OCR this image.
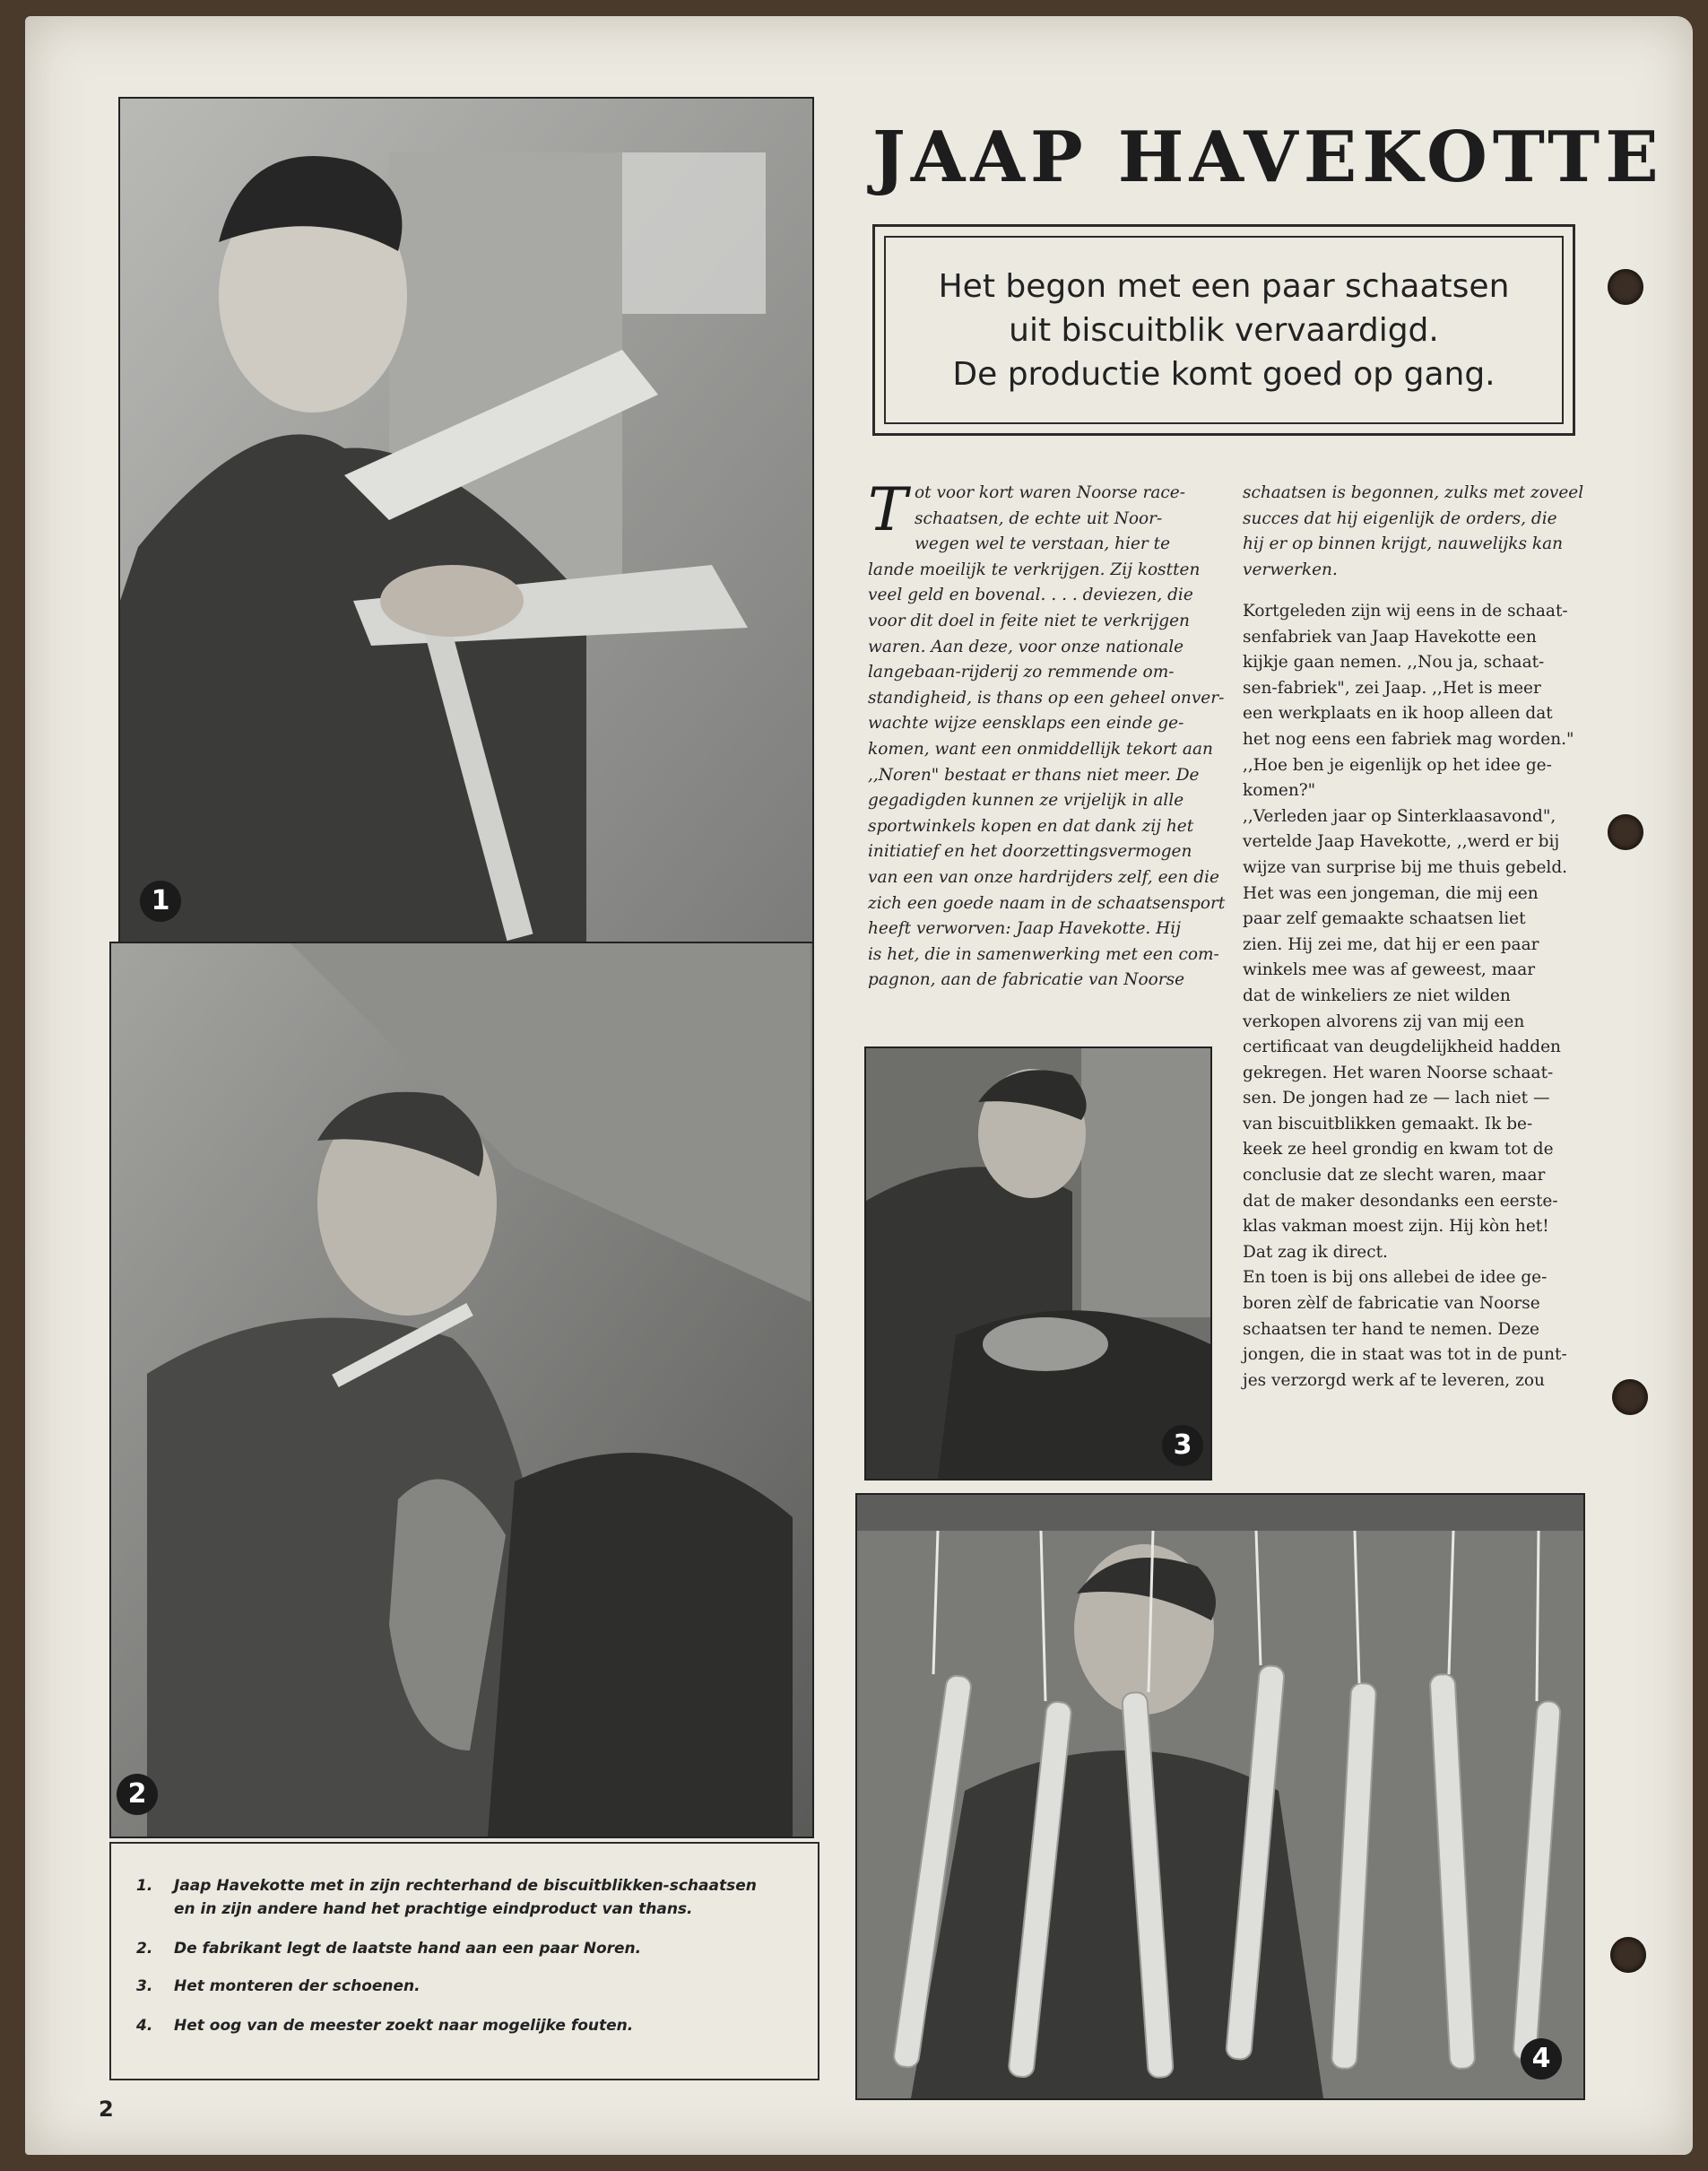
1
2
JAAP HAVEKOTTE
Het begon met een paar schaatsen
uit biscuitblik vervaardigd.
De productie komt goed op gang.
T ot voor kort waren Noorse race-
schaatsen, de echte uit Noor-
wegen wel te verstaan, hier te
lande moeilijk te verkrijgen. Zij kostten
veel geld en bovenal. . . . deviezen, die
voor dit doel in feite niet te verkrijgen
waren. Aan deze, voor onze nationale
langebaan-rijderij zo remmende om-
standigheid, is thans op een geheel onver-
wachte wijze eensklaps een einde ge-
komen, want een onmiddellijk tekort aan
,,Noren" bestaat er thans niet meer. De
gegadigden kunnen ze vrijelijk in alle
sportwinkels kopen en dat dank zij het
initiatief en het doorzettingsvermogen
van een van onze hardrijders zelf, een die
zich een goede naam in de schaatsensport
heeft verworven: Jaap Havekotte. Hij
is het, die in samenwerking met een com-
pagnon, aan de fabricatie van Noorse
schaatsen is begonnen, zulks met zoveel
succes dat hij eigenlijk de orders, die
hij er op binnen krijgt, nauwelijks kan
verwerken.
Kortgeleden zijn wij eens in de schaat-
senfabriek van Jaap Havekotte een
kijkje gaan nemen. ,,Nou ja, schaat-
sen-fabriek", zei Jaap. ,,Het is meer
een werkplaats en ik hoop alleen dat
het nog eens een fabriek mag worden."
,,Hoe ben je eigenlijk op het idee ge-
komen?"
,,Verleden jaar op Sinterklaasavond",
vertelde Jaap Havekotte, ,,werd er bij
wijze van surprise bij me thuis gebeld.
Het was een jongeman, die mij een
paar zelf gemaakte schaatsen liet
zien. Hij zei me, dat hij er een paar
winkels mee was af geweest, maar
dat de winkeliers ze niet wilden
verkopen alvorens zij van mij een
certificaat van deugdelijkheid hadden
gekregen. Het waren Noorse schaat-
sen. De jongen had ze — lach niet —
van biscuitblikken gemaakt. Ik be-
keek ze heel grondig en kwam tot de
conclusie dat ze slecht waren, maar
dat de maker desondanks een eerste-
klas vakman moest zijn. Hij kòn het!
Dat zag ik direct.
En toen is bij ons allebei de idee ge-
boren zèlf de fabricatie van Noorse
schaatsen ter hand te nemen. Deze
jongen, die in staat was tot in de punt-
jes verzorgd werk af te leveren, zou
3
4
1. Jaap Havekotte met in zijn rechterhand de biscuitblikken-schaatsen
en in zijn andere hand het prachtige eindproduct van thans.
2. De fabrikant legt de laatste hand aan een paar Noren.
3. Het monteren der schoenen.
4. Het oog van de meester zoekt naar mogelijke fouten.
2
